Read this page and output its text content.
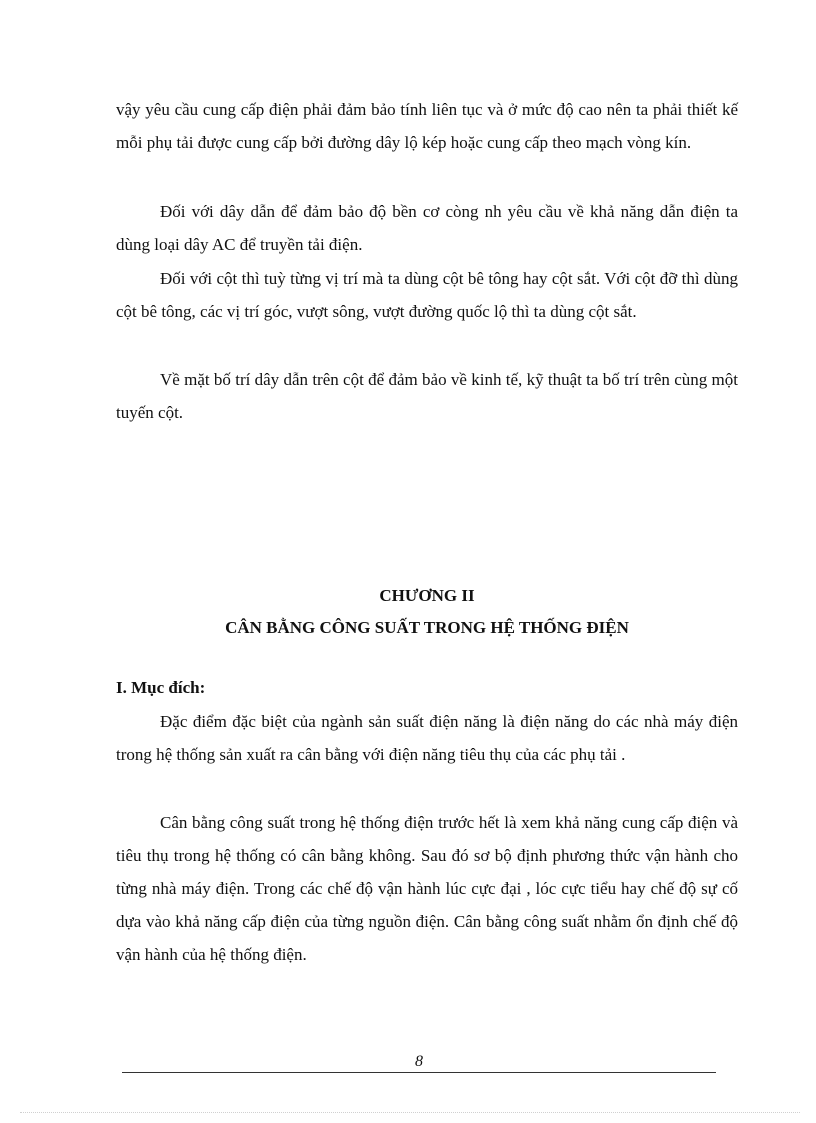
vậy yêu cầu cung cấp điện phải đảm bảo tính liên tục và ở mức độ cao nên ta phải thiết kế mỗi phụ tải được cung cấp bởi đường dây lộ kép hoặc cung cấp theo mạch vòng kín.

Đối với dây dẫn để đảm bảo độ bền cơ còng nh yêu cầu về khả năng dẫn điện ta dùng loại dây AC để truyền tải điện.

Đối với cột thì tuỳ từng vị trí mà ta dùng cột bê tông hay cột sắt. Với cột đỡ thì dùng cột bê tông, các vị trí góc, vượt sông, vượt đường quốc lộ thì ta dùng cột sắt.

Về mặt bố trí dây dẫn trên cột để đảm bảo về kinh tế, kỹ thuật ta bố trí trên cùng một tuyến cột.

CHƯƠNG II

CÂN BẰNG CÔNG SUẤT TRONG HỆ THỐNG ĐIỆN

I. Mục đích:

Đặc điểm đặc biệt của ngành sản suất điện năng là điện năng do các nhà máy điện trong hệ thống sản xuất ra cân bằng với điện năng tiêu thụ của các phụ tải .

Cân bằng công suất trong hệ thống điện trước hết là xem khả năng cung cấp điện và tiêu thụ trong hệ thống có cân bằng không. Sau đó sơ bộ định phương thức vận hành cho từng nhà máy điện. Trong các chế độ vận hành lúc cực đại , lóc cực tiểu hay chế độ sự cố dựa vào khả năng cấp điện của từng nguồn điện. Cân bằng công suất nhằm ổn định chế độ vận hành của hệ thống điện.

8
